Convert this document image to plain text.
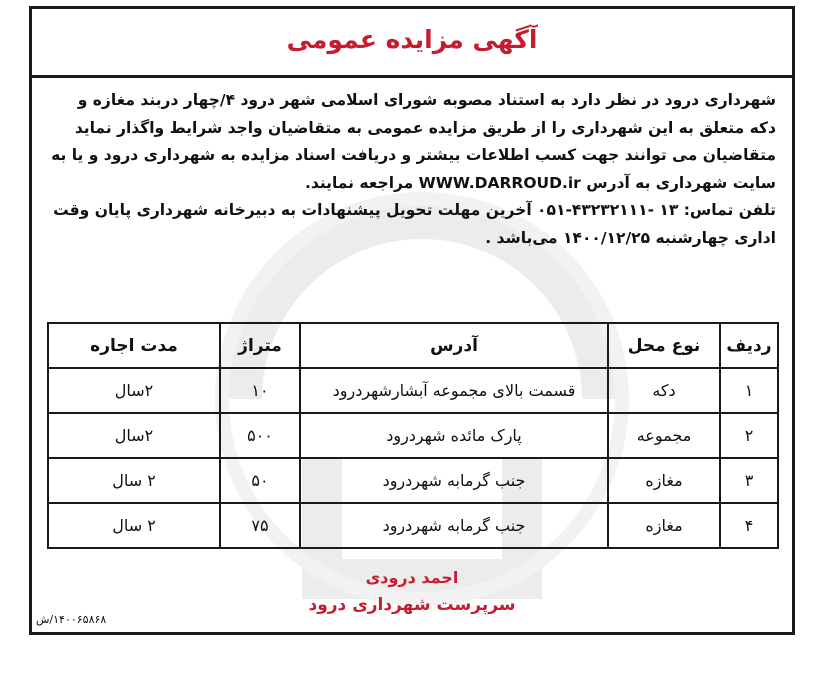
آگهی مزایده عمومی

شهرداری درود در نظر دارد به استناد مصوبه شورای اسلامی شهر درود ۴/چهار دربند مغازه و دکه متعلق به این شهرداری را از طریق مزایده عمومی به متقاضیان واجد شرایط واگذار نماید متقاضیان می توانند جهت کسب اطلاعات بیشتر و دریافت اسناد مزایده به شهرداری درود و یا به سایت شهرداری به آدرس WWW.DARROUD.ir مراجعه نمایند.

تلفن تماس: ۱۳ -۴۳۲۳۲۱۱۱-۰۵۱ آخرین مهلت تحویل پیشنهادات به دبیرخانه شهرداری پایان وقت اداری چهارشنبه ۱۴۰۰/۱۲/۲۵ می‌باشد .

ردیف	نوع محل	آدرس	متراژ	مدت اجاره
۱	دکه	قسمت بالای مجموعه آبشارشهردرود	۱۰	۲سال
۲	مجموعه	پارک مائده شهردرود	۵۰۰	۲سال
۳	مغازه	جنب گرمابه شهردرود	۵۰	۲ سال
۴	مغازه	جنب گرمابه شهردرود	۷۵	۲ سال
احمد درودی
سرپرست شهرداری درود
۱۴۰۰۶۵۸۶۸/ش
